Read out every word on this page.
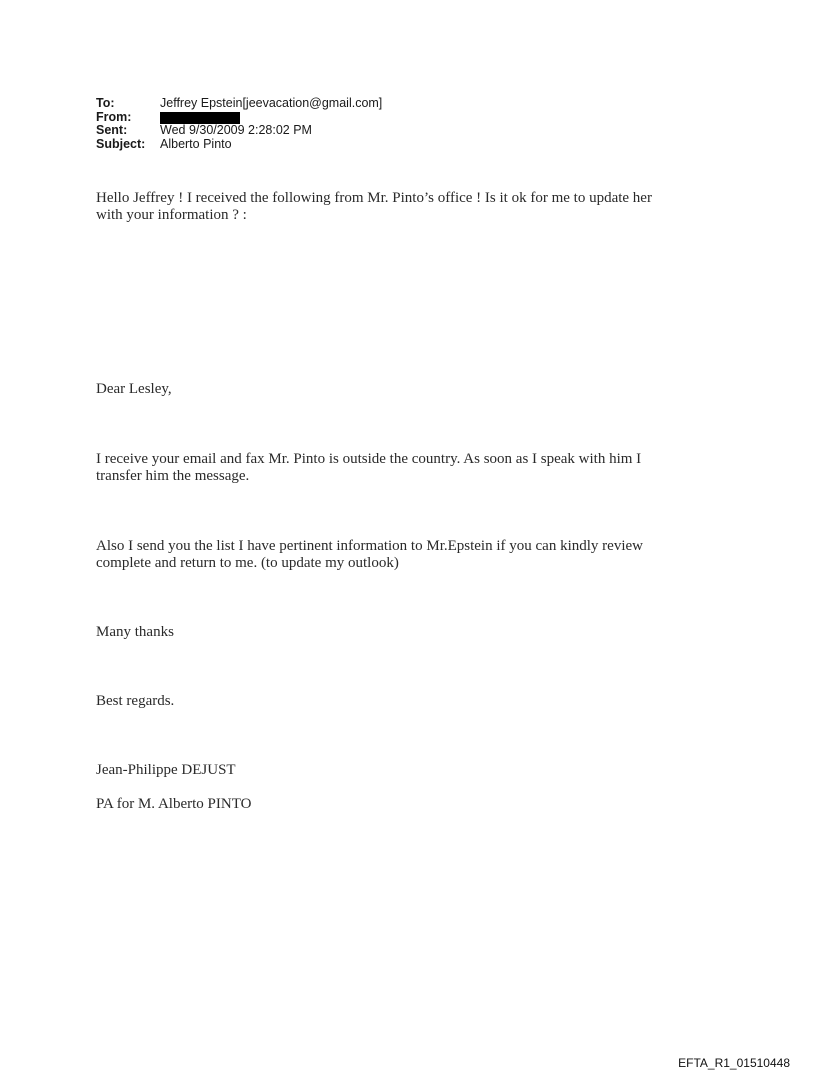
To:	Jeffrey Epstein[jeevacation@gmail.com]
From:
Sent:	Wed 9/30/2009 2:28:02 PM
Subject:	Alberto Pinto
Hello Jeffrey ! I received the following from Mr. Pinto’s office ! Is it ok for me to update her
with your information ? :
Dear Lesley,
I receive your email and fax Mr. Pinto is outside the country. As soon as I speak with him I
transfer him the message.
Also I send you the list I have pertinent information to Mr.Epstein if you can kindly review
complete and return to me. (to update my outlook)
Many thanks
Best regards.
Jean-Philippe DEJUST
PA for M. Alberto PINTO
EFTA_R1_01510448
